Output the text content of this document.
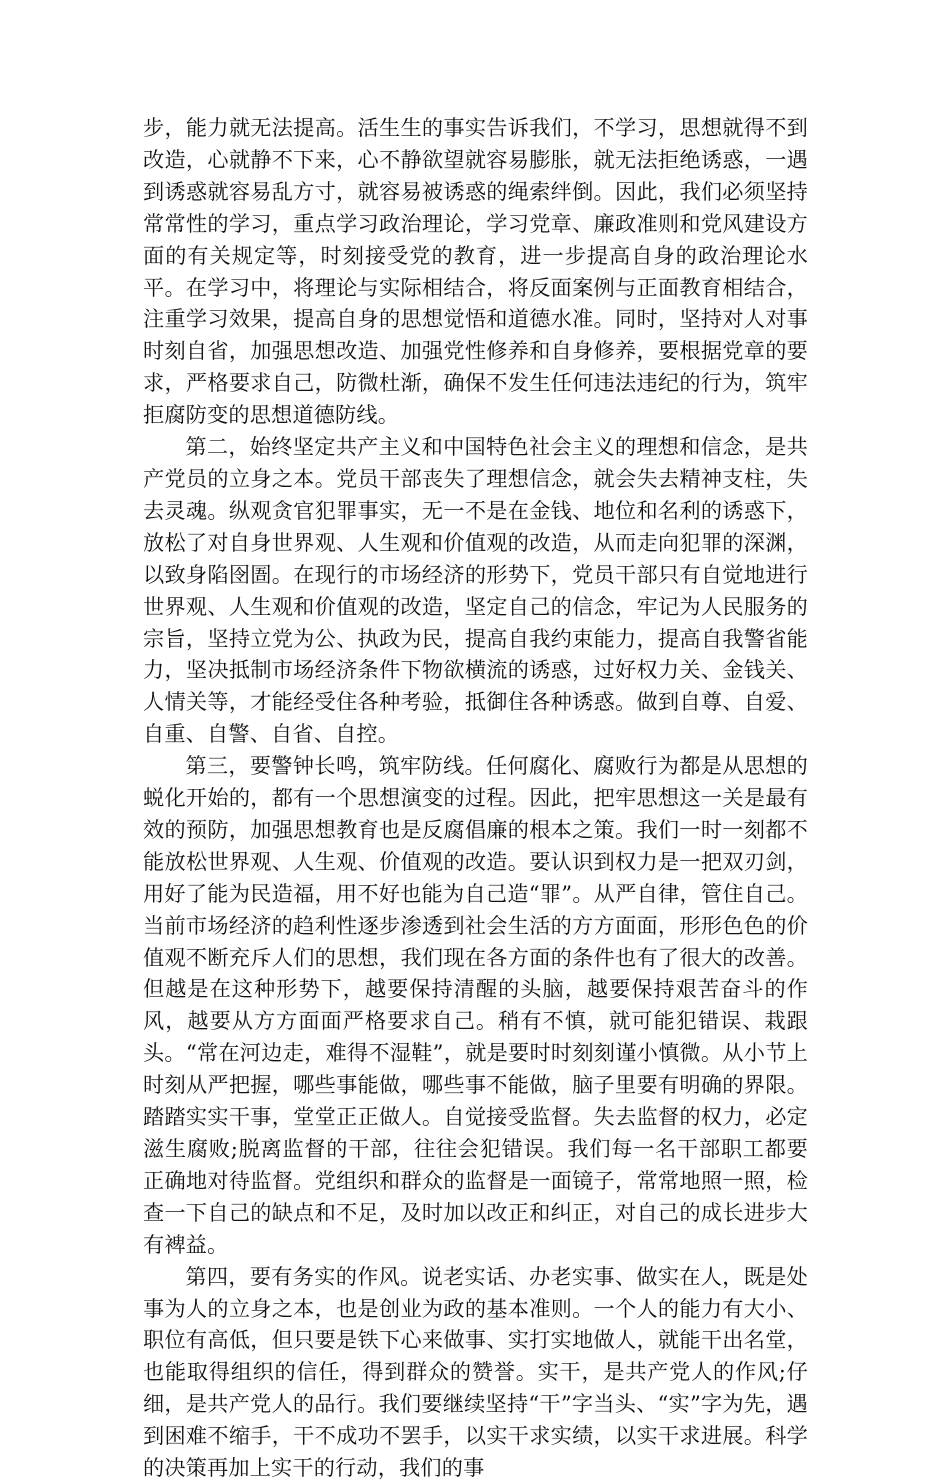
步，能力就无法提高。活生生的事实告诉我们，不学习，思想就得不到改造，心就静不下来，心不静欲望就容易膨胀，就无法拒绝诱惑，一遇到诱惑就容易乱方寸，就容易被诱惑的绳索绊倒。因此，我们必须坚持常常性的学习，重点学习政治理论，学习党章、廉政准则和党风建设方面的有关规定等，时刻接受党的教育，进一步提高自身的政治理论水平。在学习中，将理论与实际相结合，将反面案例与正面教育相结合，注重学习效果，提高自身的思想觉悟和道德水准。同时，坚持对人对事时刻自省，加强思想改造、加强党性修养和自身修养，要根据党章的要求，严格要求自己，防微杜渐，确保不发生任何违法违纪的行为，筑牢拒腐防变的思想道德防线。

第二，始终坚定共产主义和中国特色社会主义的理想和信念，是共产党员的立身之本。党员干部丧失了理想信念，就会失去精神支柱，失去灵魂。纵观贪官犯罪事实，无一不是在金钱、地位和名利的诱惑下，放松了对自身世界观、人生观和价值观的改造，从而走向犯罪的深渊，以致身陷囹圄。在现行的市场经济的形势下，党员干部只有自觉地进行世界观、人生观和价值观的改造，坚定自己的信念，牢记为人民服务的宗旨，坚持立党为公、执政为民，提高自我约束能力，提高自我警省能力，坚决抵制市场经济条件下物欲横流的诱惑，过好权力关、金钱关、人情关等，才能经受住各种考验，抵御住各种诱惑。做到自尊、自爱、自重、自警、自省、自控。

第三，要警钟长鸣，筑牢防线。任何腐化、腐败行为都是从思想的蜕化开始的，都有一个思想演变的过程。因此，把牢思想这一关是最有效的预防，加强思想教育也是反腐倡廉的根本之策。我们一时一刻都不能放松世界观、人生观、价值观的改造。要认识到权力是一把双刃剑，用好了能为民造福，用不好也能为自己造“罪”。从严自律，管住自己。当前市场经济的趋利性逐步渗透到社会生活的方方面面，形形色色的价值观不断充斥人们的思想，我们现在各方面的条件也有了很大的改善。但越是在这种形势下，越要保持清醒的头脑，越要保持艰苦奋斗的作风，越要从方方面面严格要求自己。稍有不慎，就可能犯错误、栽跟头。“常在河边走，难得不湿鞋”，就是要时时刻刻谨小慎微。从小节上时刻从严把握，哪些事能做，哪些事不能做，脑子里要有明确的界限。踏踏实实干事，堂堂正正做人。自觉接受监督。失去监督的权力，必定滋生腐败;脱离监督的干部，往往会犯错误。我们每一名干部职工都要正确地对待监督。党组织和群众的监督是一面镜子，常常地照一照，检查一下自己的缺点和不足，及时加以改正和纠正，对自己的成长进步大有裨益。

第四，要有务实的作风。说老实话、办老实事、做实在人，既是处事为人的立身之本，也是创业为政的基本准则。一个人的能力有大小、职位有高低，但只要是铁下心来做事、实打实地做人，就能干出名堂，也能取得组织的信任，得到群众的赞誉。实干，是共产党人的作风;仔细，是共产党人的品行。我们要继续坚持“干”字当头、“实”字为先，遇到困难不缩手，干不成功不罢手，以实干求实绩，以实干求进展。科学的决策再加上实干的行动，我们的事
